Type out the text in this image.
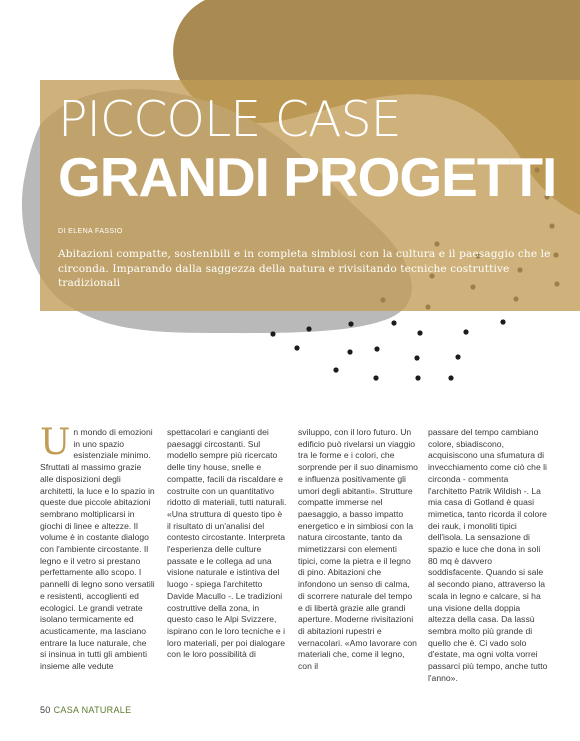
PICCOLE CASE
GRANDI PROGETTI
DI ELENA FASSIO

Abitazioni compatte, sostenibili e in completa simbiosi con la cultura e il paesaggio che le circonda. Imparando dalla saggezza della natura e rivisitando tecniche costruttive tradizionali

Un mondo di emozioni in uno spazio esistenziale minimo. Sfruttati al massimo grazie alle disposizioni degli architetti, la luce e lo spazio in queste due piccole abitazioni sembrano moltiplicarsi in giochi di linee e altezze. Il volume è in costante dialogo con l'ambiente circostante. Il legno e il vetro si prestano perfettamente allo scopo. I pannelli di legno sono versatili e resistenti, accoglienti ed ecologici. Le grandi vetrate isolano termicamente ed acusticamente, ma lasciano entrare la luce naturale, che si insinua in tutti gli ambienti insieme alle vedute

spettacolari e cangianti dei paesaggi circostanti. Sul modello sempre più ricercato delle tiny house, snelle e compatte, facili da riscaldare e costruite con un quantitativo ridotto di materiali, tutti naturali. «Una struttura di questo tipo è il risultato di un'analisi del contesto circostante. Interpreta l'esperienza delle culture passate e le collega ad una visione naturale e istintiva del luogo - spiega l'architetto Davide Macullo -. Le tradizioni costruttive della zona, in questo caso le Alpi Svizzere, ispirano con le loro tecniche e i loro materiali, per poi dialogare con le loro possibilità di

sviluppo, con il loro futuro. Un edificio può rivelarsi un viaggio tra le forme e i colori, che sorprende per il suo dinamismo e influenza positivamente gli umori degli abitanti». Strutture compatte immerse nel paesaggio, a basso impatto energetico e in simbiosi con la natura circostante, tanto da mimetizzarsi con elementi tipici, come la pietra e il legno di pino. Abitazioni che infondono un senso di calma, di scorrere naturale del tempo e di libertà grazie alle grandi aperture. Moderne rivisitazioni di abitazioni rupestri e vernacolari. «Amo lavorare con materiali che, come il legno, con il

passare del tempo cambiano colore, sbiadiscono, acquisiscono una sfumatura di invecchiamento come ciò che li circonda - commenta l'architetto Patrik Wildish -. La mia casa di Gotland è quasi mimetica, tanto ricorda il colore dei rauk, i monoliti tipici dell'isola. La sensazione di spazio e luce che dona in soli 80 mq è davvero soddisfacente. Quando si sale al secondo piano, attraverso la scala in legno e calcare, si ha una visione della doppia altezza della casa. Da lassù sembra molto più grande di quello che è. Ci vado solo d'estate, ma ogni volta vorrei passarci più tempo, anche tutto l'anno».

50 CASA NATURALE
